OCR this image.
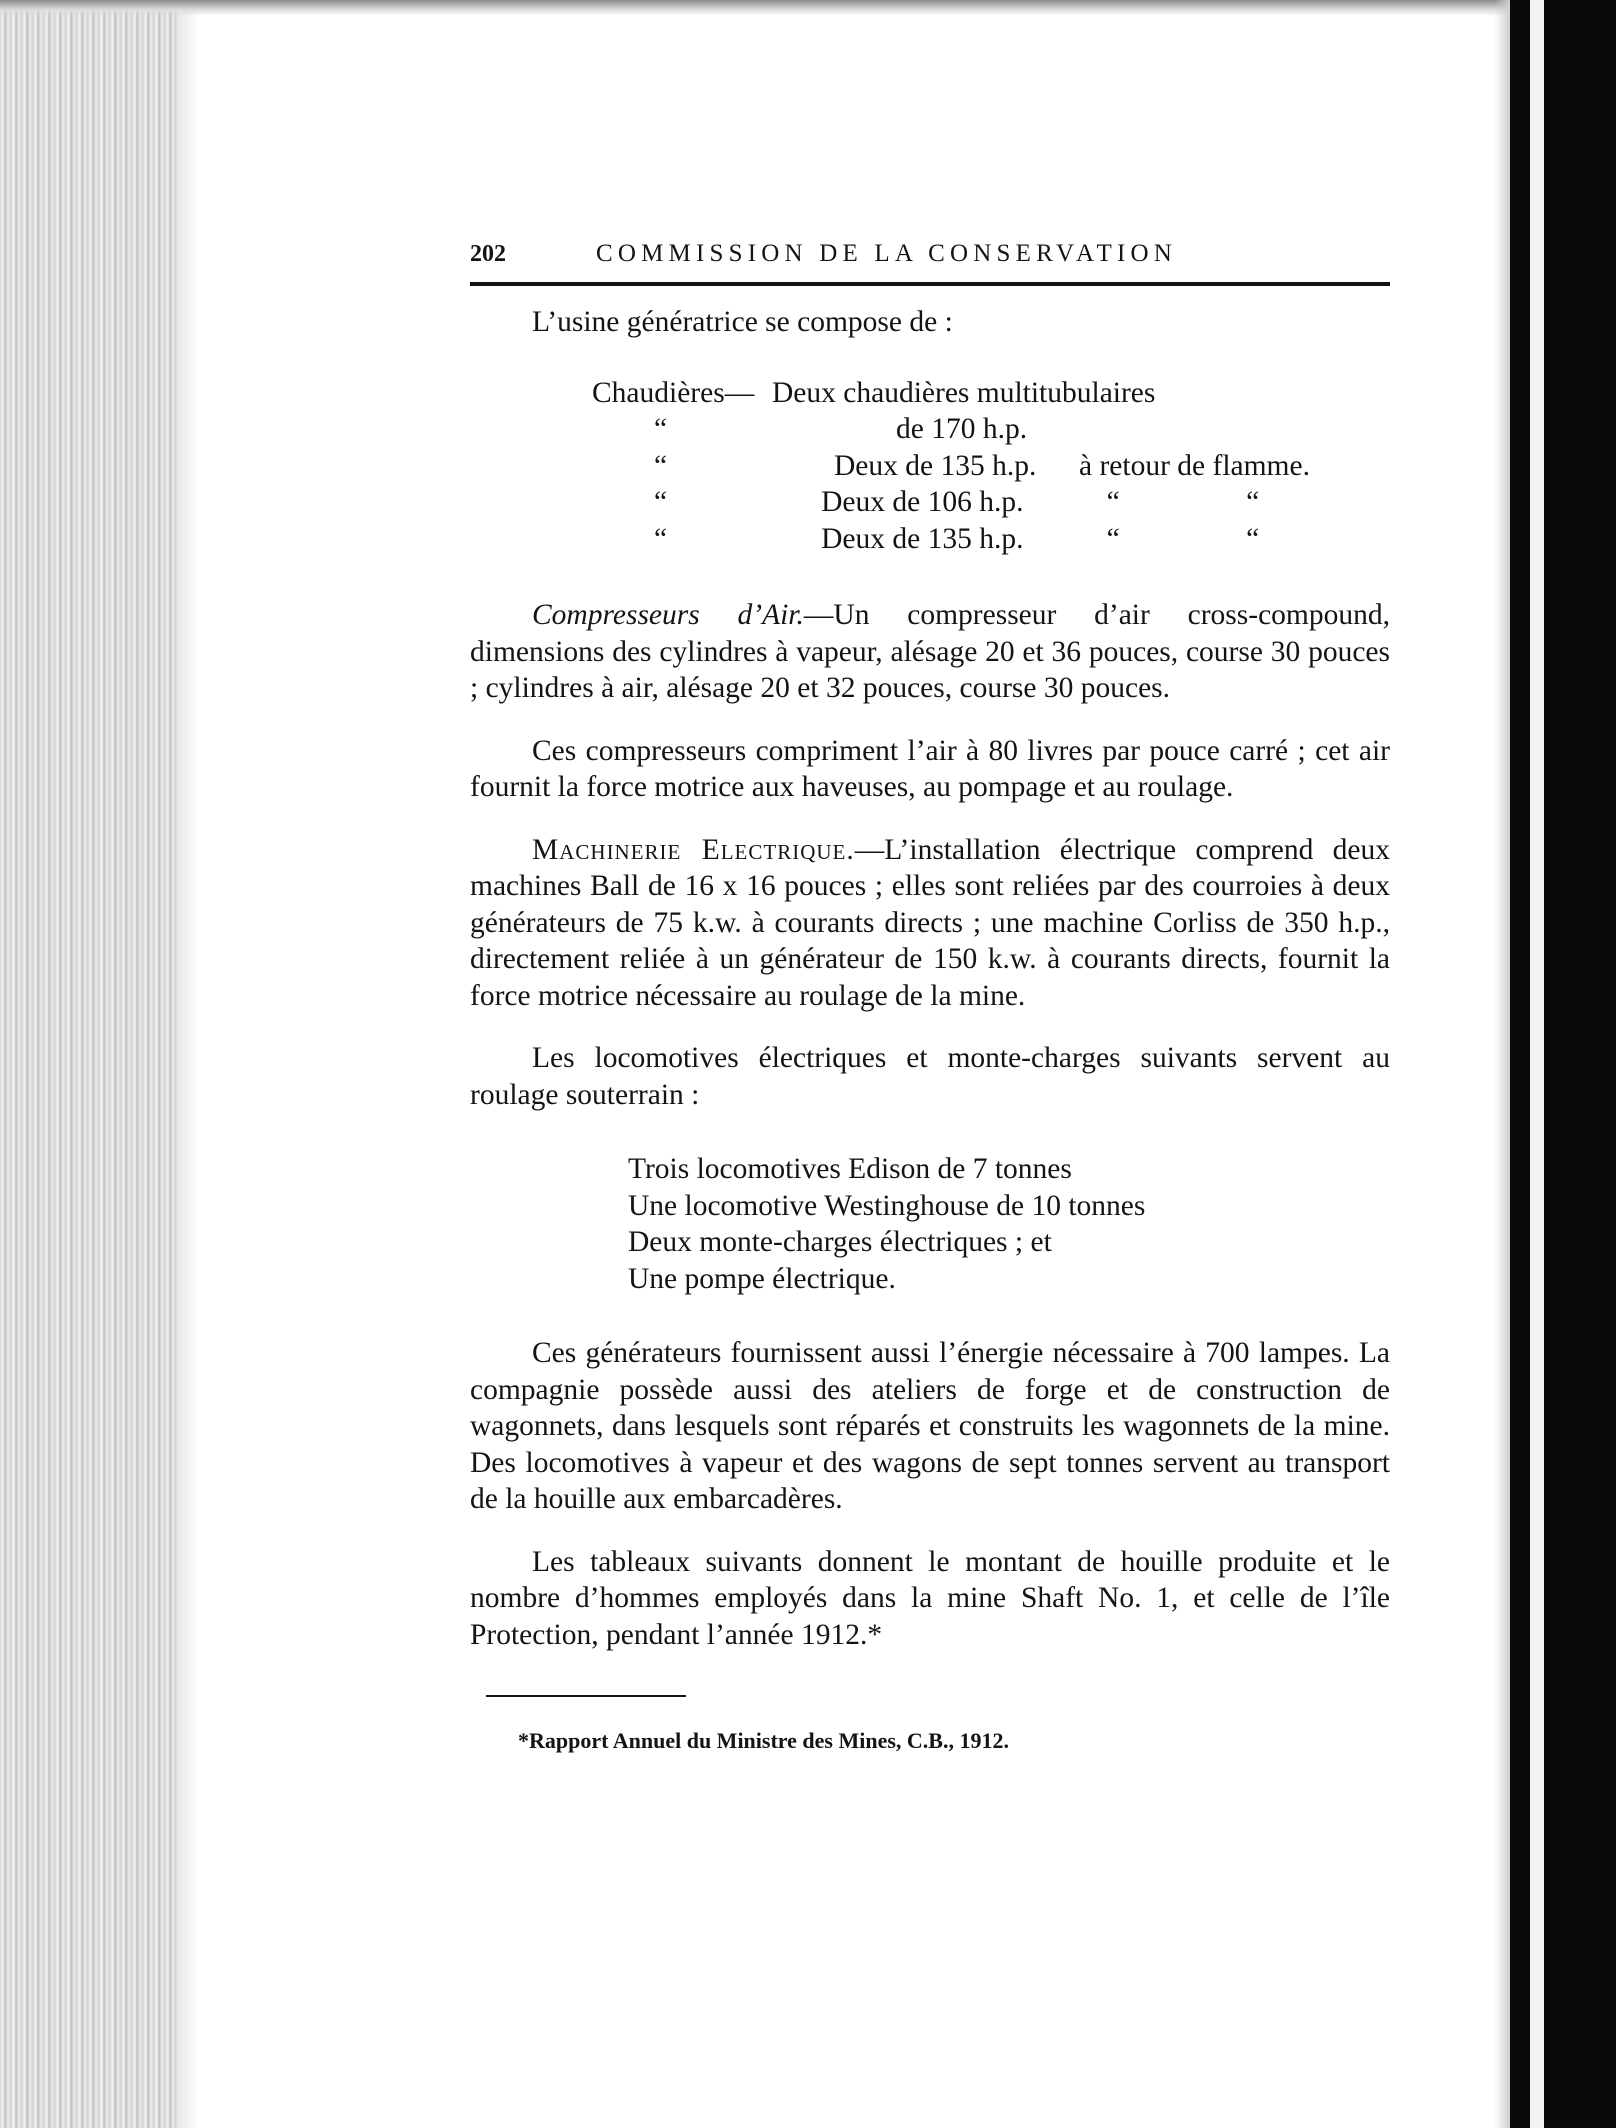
202	COMMISSION DE LA CONSERVATION

L’usine génératrice se compose de :

Chaudières— Deux chaudières multitubulaires
“	de 170 h.p.
“	Deux de 135 h.p.	à retour de flamme.
“	Deux de 106 h.p.	“	“
“	Deux de 135 h.p.	“	“

Compresseurs d’Air.—Un compresseur d’air cross-compound, dimensions des cylindres à vapeur, alésage 20 et 36 pouces, course 30 pouces ; cylindres à air, alésage 20 et 32 pouces, course 30 pouces.

Ces compresseurs compriment l’air à 80 livres par pouce carré ; cet air fournit la force motrice aux haveuses, au pompage et au roulage.

Machinerie Electrique.—L’installation électrique comprend deux machines Ball de 16 x 16 pouces ; elles sont reliées par des courroies à deux générateurs de 75 k.w. à courants directs ; une machine Corliss de 350 h.p., directement reliée à un générateur de 150 k.w. à courants directs, fournit la force motrice nécessaire au roulage de la mine.

Les locomotives électriques et monte-charges suivants servent au roulage souterrain :

Trois locomotives Edison de 7 tonnes
Une locomotive Westinghouse de 10 tonnes
Deux monte-charges électriques ; et
Une pompe électrique.

Ces générateurs fournissent aussi l’énergie nécessaire à 700 lampes. La compagnie possède aussi des ateliers de forge et de construction de wagonnets, dans lesquels sont réparés et construits les wagonnets de la mine. Des locomotives à vapeur et des wagons de sept tonnes servent au transport de la houille aux embarcadères.

Les tableaux suivants donnent le montant de houille produite et le nombre d’hommes employés dans la mine Shaft No. 1, et celle de l’île Protection, pendant l’année 1912.*

*Rapport Annuel du Ministre des Mines, C.B., 1912.
